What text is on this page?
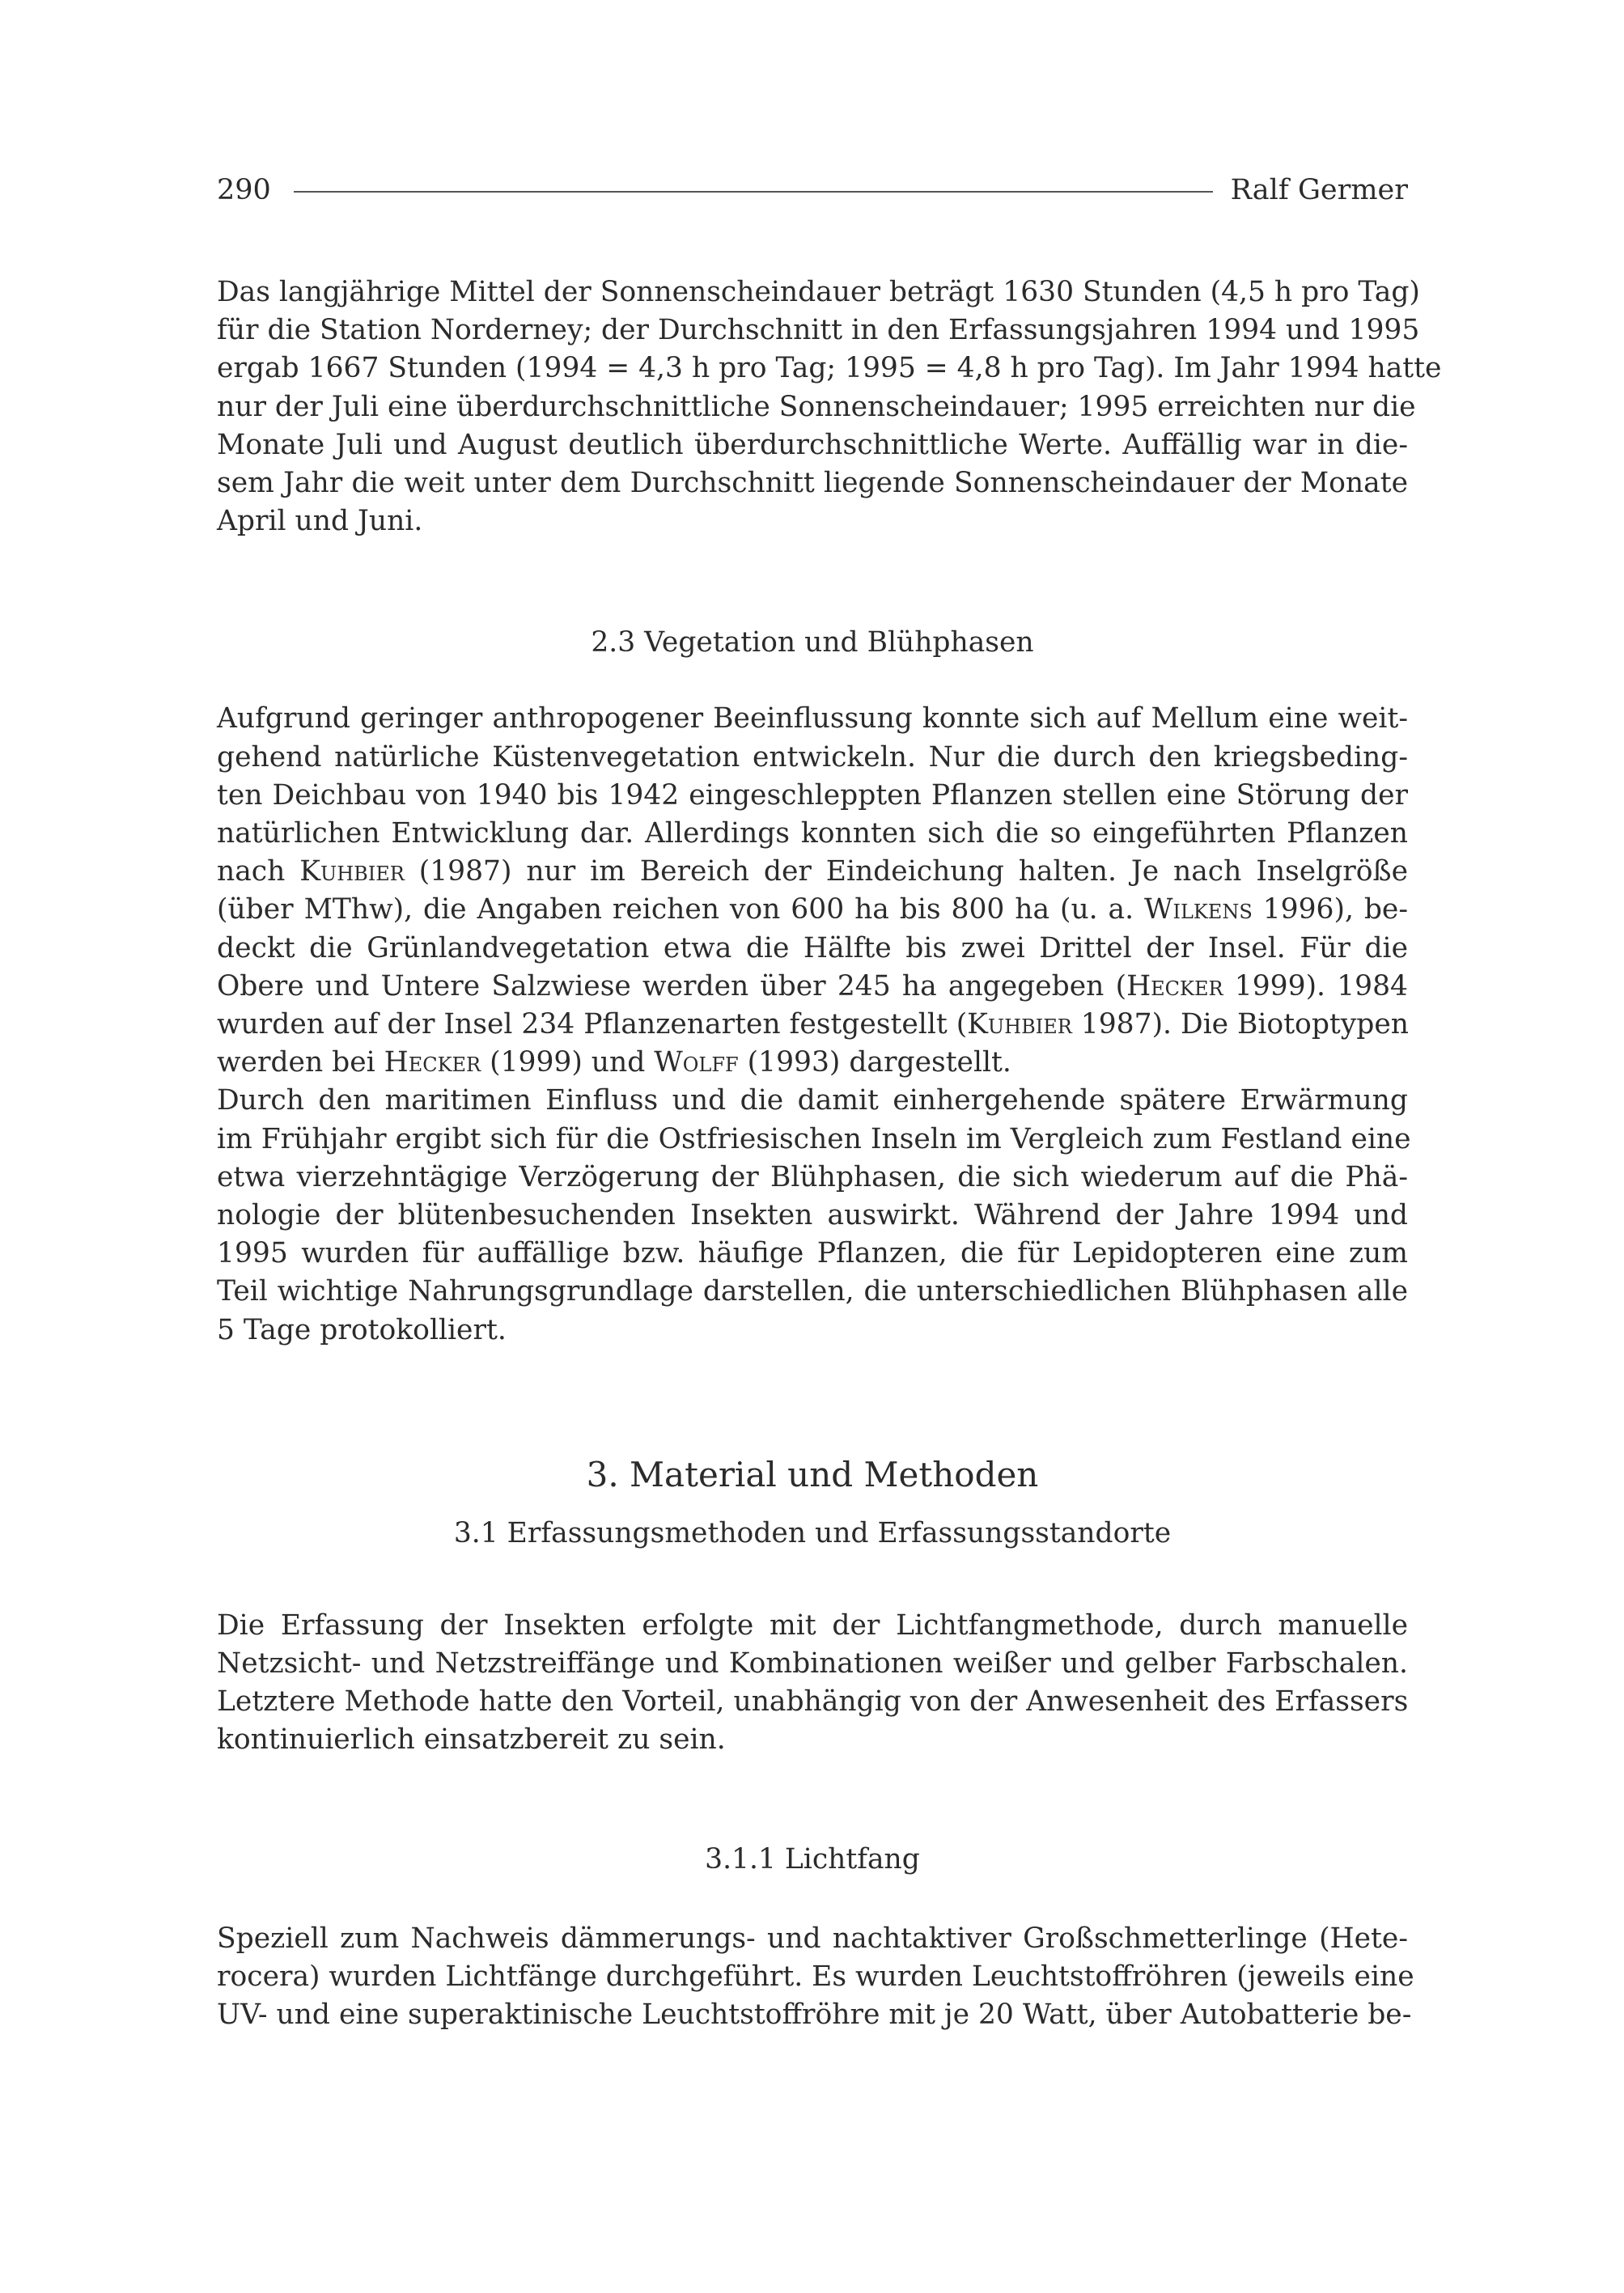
290	Ralf Germer
Das langjährige Mittel der Sonnenscheindauer beträgt 1630 Stunden (4,5 h pro Tag)
für die Station Norderney; der Durchschnitt in den Erfassungsjahren 1994 und 1995
ergab 1667 Stunden (1994 = 4,3 h pro Tag; 1995 = 4,8 h pro Tag). Im Jahr 1994 hatte
nur der Juli eine überdurchschnittliche Sonnenscheindauer; 1995 erreichten nur die
Monate Juli und August deutlich überdurchschnittliche Werte. Auffällig war in die-
sem Jahr die weit unter dem Durchschnitt liegende Sonnenscheindauer der Monate
April und Juni.
2.3 Vegetation und Blühphasen
Aufgrund geringer anthropogener Beeinflussung konnte sich auf Mellum eine weit-
gehend natürliche Küstenvegetation entwickeln. Nur die durch den kriegsbeding-
ten Deichbau von 1940 bis 1942 eingeschleppten Pflanzen stellen eine Störung der
natürlichen Entwicklung dar. Allerdings konnten sich die so eingeführten Pflanzen
nach Kuhbier (1987) nur im Bereich der Eindeichung halten. Je nach Inselgröße
(über MThw), die Angaben reichen von 600 ha bis 800 ha (u. a. Wilkens 1996), be-
deckt die Grünlandvegetation etwa die Hälfte bis zwei Drittel der Insel. Für die
Obere und Untere Salzwiese werden über 245 ha angegeben (Hecker 1999). 1984
wurden auf der Insel 234 Pflanzenarten festgestellt (Kuhbier 1987). Die Biotoptypen
werden bei Hecker (1999) und Wolff (1993) dargestellt.
Durch den maritimen Einfluss und die damit einhergehende spätere Erwärmung
im Frühjahr ergibt sich für die Ostfriesischen Inseln im Vergleich zum Festland eine
etwa vierzehntägige Verzögerung der Blühphasen, die sich wiederum auf die Phä-
nologie der blütenbesuchenden Insekten auswirkt. Während der Jahre 1994 und
1995 wurden für auffällige bzw. häufige Pflanzen, die für Lepidopteren eine zum
Teil wichtige Nahrungsgrundlage darstellen, die unterschiedlichen Blühphasen alle
5 Tage protokolliert.
3. Material und Methoden
3.1 Erfassungsmethoden und Erfassungsstandorte
Die Erfassung der Insekten erfolgte mit der Lichtfangmethode, durch manuelle
Netzsicht- und Netzstreiffänge und Kombinationen weißer und gelber Farbschalen.
Letztere Methode hatte den Vorteil, unabhängig von der Anwesenheit des Erfassers
kontinuierlich einsatzbereit zu sein.
3.1.1 Lichtfang
Speziell zum Nachweis dämmerungs- und nachtaktiver Großschmetterlinge (Hete-
rocera) wurden Lichtfänge durchgeführt. Es wurden Leuchtstoffröhren (jeweils eine
UV- und eine superaktinische Leuchtstoffröhre mit je 20 Watt, über Autobatterie be-
